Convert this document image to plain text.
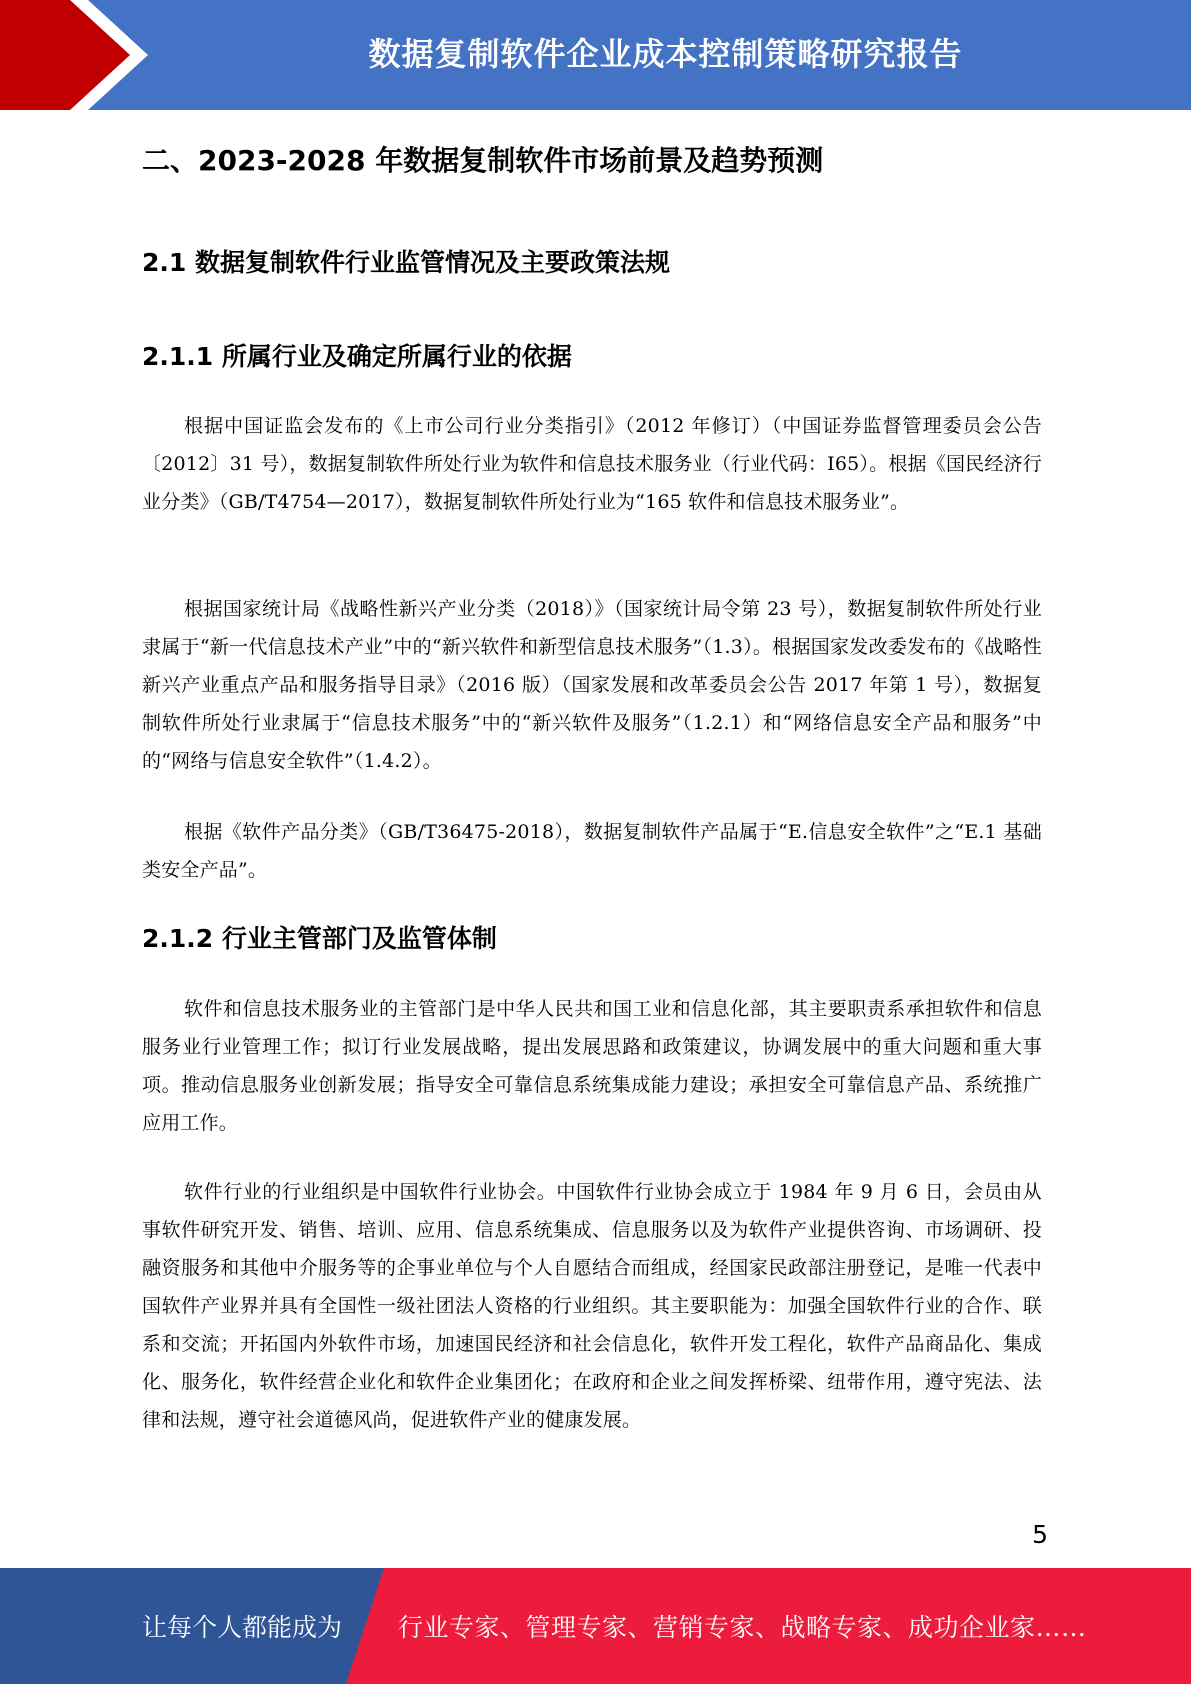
数据复制软件企业成本控制策略研究报告
二、2023-2028 年数据复制软件市场前景及趋势预测
2.1 数据复制软件行业监管情况及主要政策法规
2.1.1 所属行业及确定所属行业的依据

根据中国证监会发布的《上市公司行业分类指引》（2012 年修订）（中国证券监督管理委员会公告〔2012〕31 号），数据复制软件所处行业为软件和信息技术服务业（行业代码：I65）。根据《国民经济行业分类》（GB/T4754—2017），数据复制软件所处行业为“165 软件和信息技术服务业”。

根据国家统计局《战略性新兴产业分类（2018）》（国家统计局令第 23 号），数据复制软件所处行业隶属于“新一代信息技术产业”中的“新兴软件和新型信息技术服务”（1.3）。根据国家发改委发布的《战略性新兴产业重点产品和服务指导目录》（2016 版）（国家发展和改革委员会公告 2017 年第 1 号），数据复制软件所处行业隶属于“信息技术服务”中的“新兴软件及服务”（1.2.1）和“网络信息安全产品和服务”中的“网络与信息安全软件”（1.4.2）。

根据《软件产品分类》（GB/T36475-2018），数据复制软件产品属于“E.信息安全软件”之“E.1 基础类安全产品”。

2.1.2 行业主管部门及监管体制

软件和信息技术服务业的主管部门是中华人民共和国工业和信息化部，其主要职责系承担软件和信息服务业行业管理工作；拟订行业发展战略，提出发展思路和政策建议，协调发展中的重大问题和重大事项。推动信息服务业创新发展；指导安全可靠信息系统集成能力建设；承担安全可靠信息产品、系统推广应用工作。

软件行业的行业组织是中国软件行业协会。中国软件行业协会成立于 1984 年 9 月 6 日，会员由从事软件研究开发、销售、培训、应用、信息系统集成、信息服务以及为软件产业提供咨询、市场调研、投融资服务和其他中介服务等的企事业单位与个人自愿结合而组成，经国家民政部注册登记，是唯一代表中国软件产业界并具有全国性一级社团法人资格的行业组织。其主要职能为：加强全国软件行业的合作、联系和交流；开拓国内外软件市场，加速国民经济和社会信息化，软件开发工程化，软件产品商品化、集成化、服务化，软件经营企业化和软件企业集团化；在政府和企业之间发挥桥梁、纽带作用，遵守宪法、法律和法规，遵守社会道德风尚，促进软件产业的健康发展。

5
让每个人都能成为 行业专家、管理专家、营销专家、战略专家、成功企业家……
